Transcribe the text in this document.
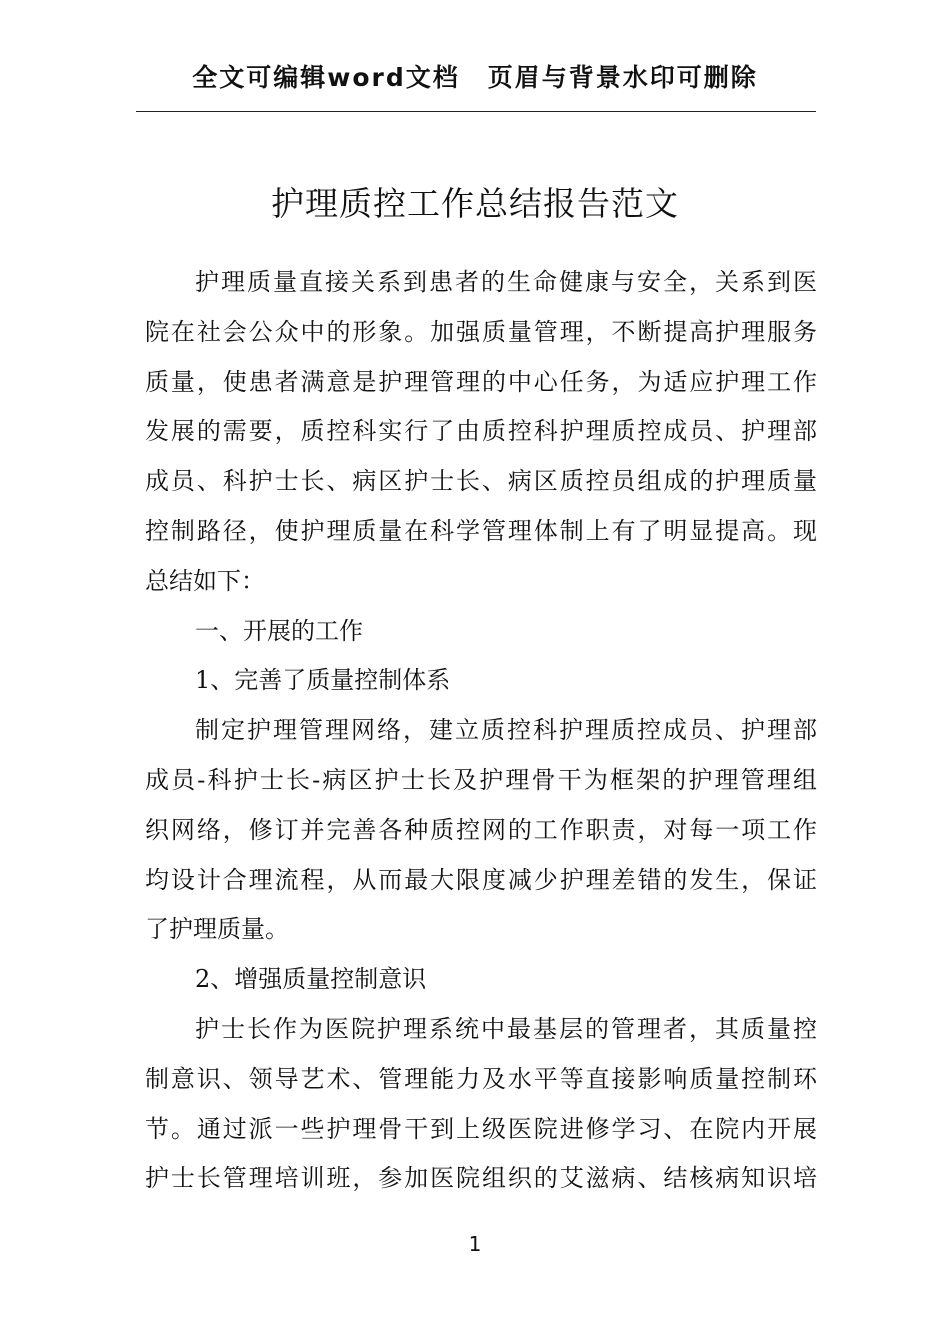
全文可编辑word文档 页眉与背景水印可删除
护理质控工作总结报告范文
护理质量直接关系到患者的生命健康与安全，关系到医
院在社会公众中的形象。加强质量管理，不断提高护理服务
质量，使患者满意是护理管理的中心任务，为适应护理工作
发展的需要，质控科实行了由质控科护理质控成员、护理部
成员、科护士长、病区护士长、病区质控员组成的护理质量
控制路径，使护理质量在科学管理体制上有了明显提高。现
总结如下：
一、开展的工作
1、完善了质量控制体系
制定护理管理网络，建立质控科护理质控成员、护理部
成员-科护士长-病区护士长及护理骨干为框架的护理管理组
织网络，修订并完善各种质控网的工作职责，对每一项工作
均设计合理流程，从而最大限度减少护理差错的发生，保证
了护理质量。
2、增强质量控制意识
护士长作为医院护理系统中最基层的管理者，其质量控
制意识、领导艺术、管理能力及水平等直接影响质量控制环
节。通过派一些护理骨干到上级医院进修学习、在院内开展
护士长管理培训班，参加医院组织的艾滋病、结核病知识培
1
